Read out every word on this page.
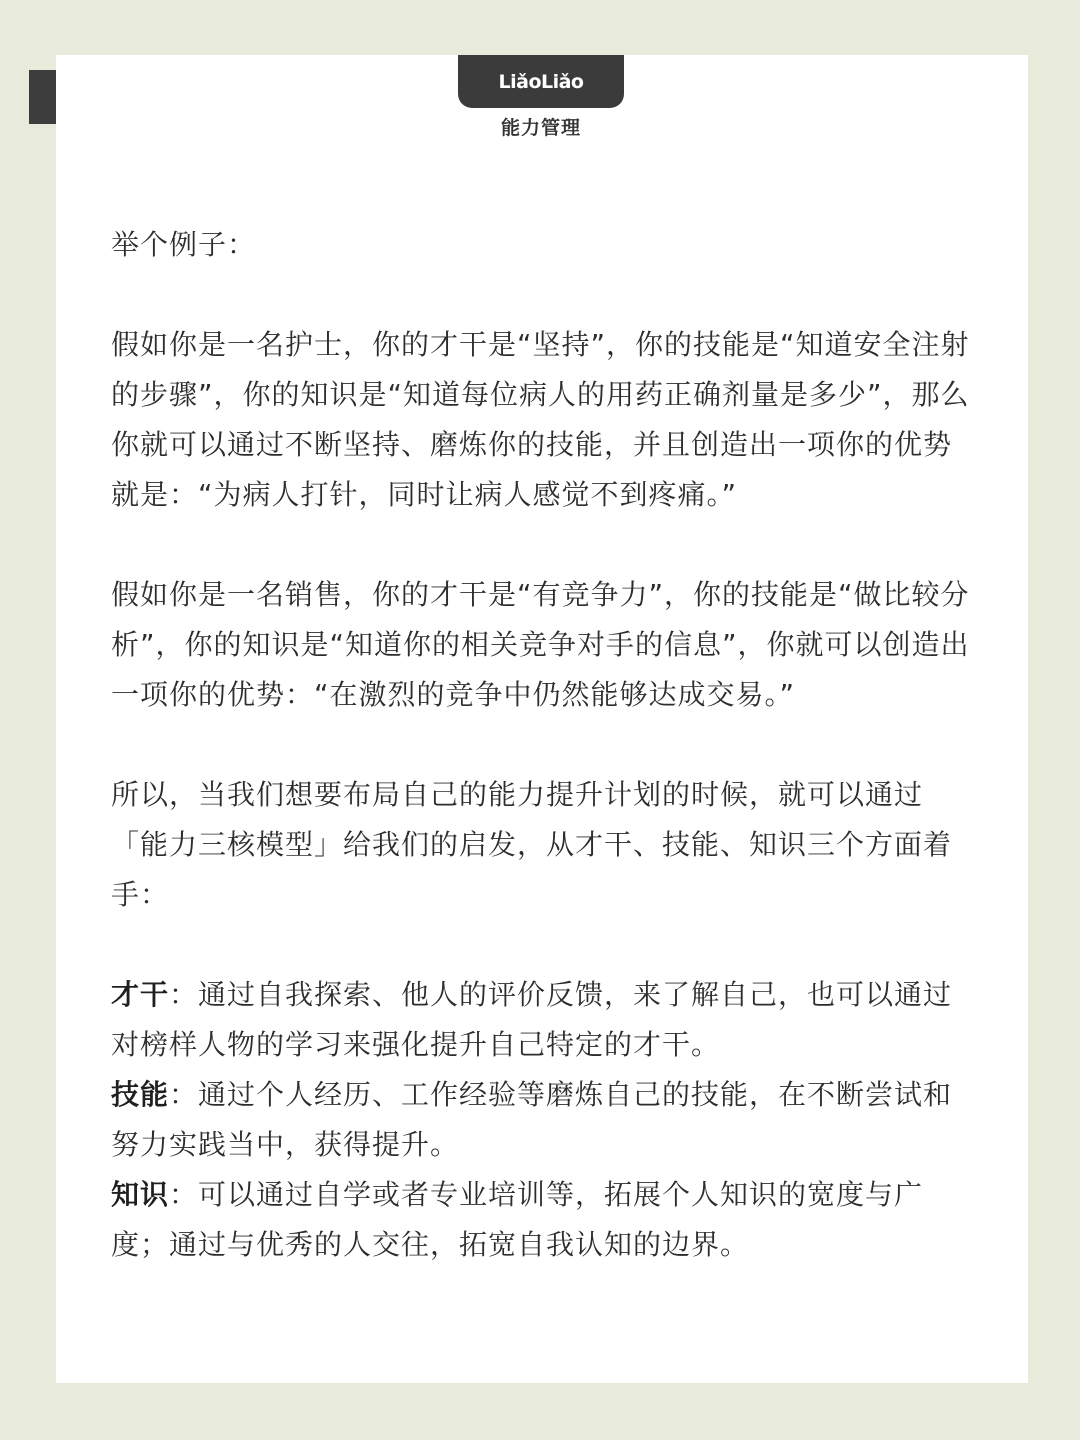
LiǎoLiǎo
能力管理

举个例子：

假如你是一名护士，你的才干是“坚持”，你的技能是“知道安全注射的步骤”，你的知识是“知道每位病人的用药正确剂量是多少”，那么你就可以通过不断坚持、磨炼你的技能，并且创造出一项你的优势就是：“为病人打针，同时让病人感觉不到疼痛。”

假如你是一名销售，你的才干是“有竞争力”，你的技能是“做比较分析”，你的知识是“知道你的相关竞争对手的信息”，你就可以创造出一项你的优势：“在激烈的竞争中仍然能够达成交易。”

所以，当我们想要布局自己的能力提升计划的时候，就可以通过「能力三核模型」给我们的启发，从才干、技能、知识三个方面着手：

才干：通过自我探索、他人的评价反馈，来了解自己，也可以通过对榜样人物的学习来强化提升自己特定的才干。

技能：通过个人经历、工作经验等磨炼自己的技能，在不断尝试和努力实践当中，获得提升。

知识：可以通过自学或者专业培训等，拓展个人知识的宽度与广度；通过与优秀的人交往，拓宽自我认知的边界。
